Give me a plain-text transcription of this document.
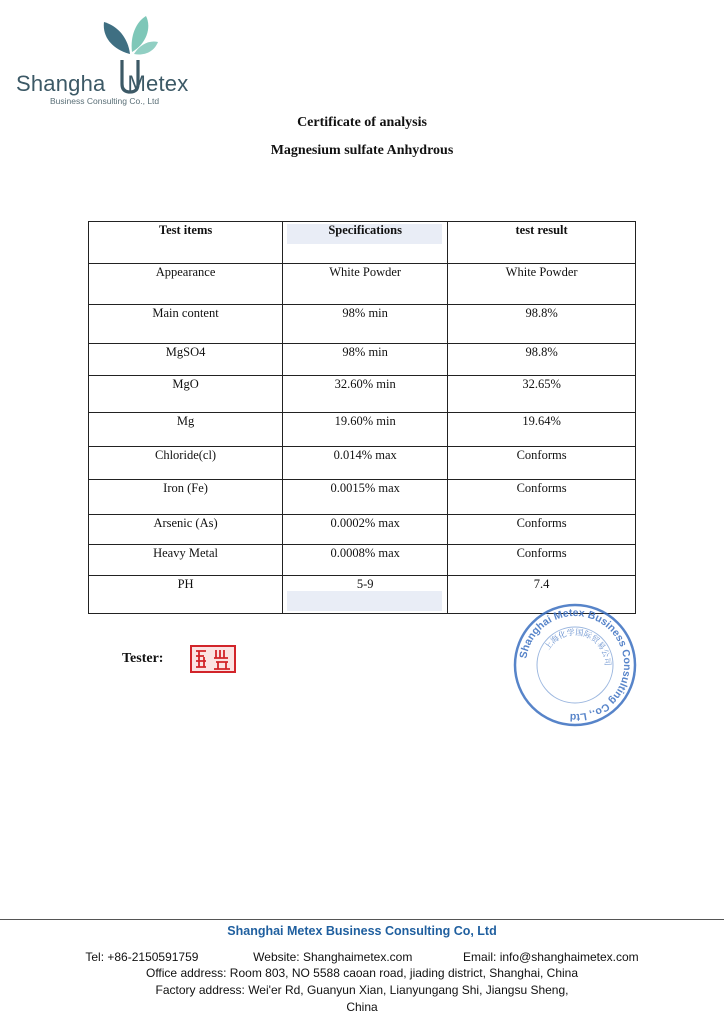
Shangha Metex
Business Consulting Co., Ltd
Certificate of analysis
Magnesium sulfate Anhydrous
Test items	Specifications	test result
Appearance	White Powder	White Powder
Main content	98% min	98.8%
MgSO4	98% min	98.8%
MgO	32.60% min	32.65%
Mg	19.60% min	19.64%
Chloride(cl)	0.014% max	Conforms
Iron (Fe)	0.0015% max	Conforms
Arsenic (As)	0.0002% max	Conforms
Heavy Metal	0.0008% max	Conforms
PH	5-9	7.4
Tester:	Shanghai Metex Business Consulting Co., Ltd
上海化学国际贸易公司
Shanghai Metex Business Consulting Co, Ltd
Tel: +86-2150591759	Website: Shanghaimetex.com	Email: info@shanghaimetex.com
Office address: Room 803, NO 5588 caoan road, jiading district, Shanghai, China
Factory address: Wei'er Rd, Guanyun Xian, Lianyungang Shi, Jiangsu Sheng,
China
